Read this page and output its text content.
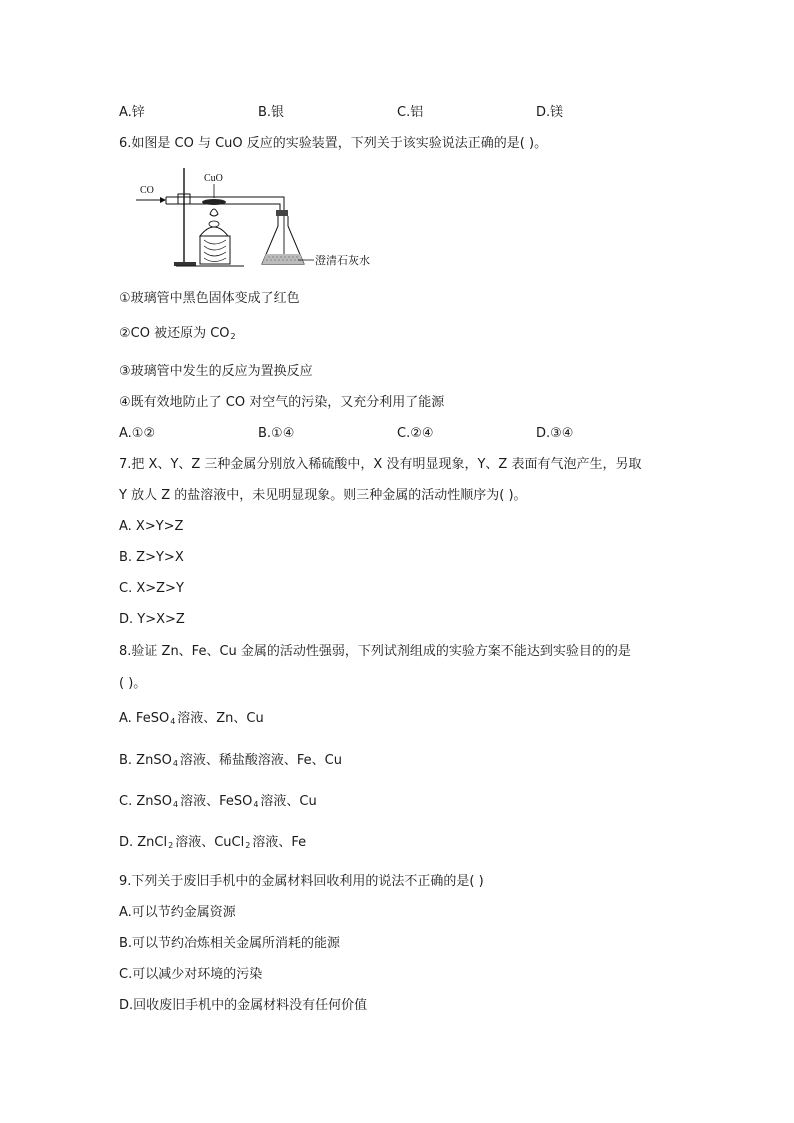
A.锌	B.银	C.铝	D.镁
6.如图是 CO 与 CuO 反应的实验装置，下列关于该实验说法正确的是( )。
CO
CuO
澄清石灰水
①玻璃管中黑色固体变成了红色
②CO 被还原为 $CO_2$
③玻璃管中发生的反应为置换反应
④既有效地防止了 CO 对空气的污染，又充分利用了能源
A.①②	B.①④	C.②④	D.③④
7.把 X、Y、Z 三种金属分别放入稀硫酸中，X 没有明显现象，Y、Z 表面有气泡产生，另取
Y 放人 Z 的盐溶液中，未见明显现象。则三种金属的活动性顺序为( )。
A. X>Y>Z
B. Z>Y>X
C. X>Z>Y
D. Y>X>Z
8.验证 Zn、Fe、Cu 金属的活动性强弱，下列试剂组成的实验方案不能达到实验目的的是
( )。
A. FeSO$_4$ 溶液、Zn、Cu
B. ZnSO$_4$ 溶液、稀盐酸溶液、Fe、Cu
C. ZnSO$_4$ 溶液、FeSO$_4$ 溶液、Cu
D. ZnCl$_2$ 溶液、CuCl$_2$ 溶液、Fe
9.下列关于废旧手机中的金属材料回收利用的说法不正确的是( )
A.可以节约金属资源
B.可以节约冶炼相关金属所消耗的能源
C.可以减少对环境的污染
D.回收废旧手机中的金属材料没有任何价值
